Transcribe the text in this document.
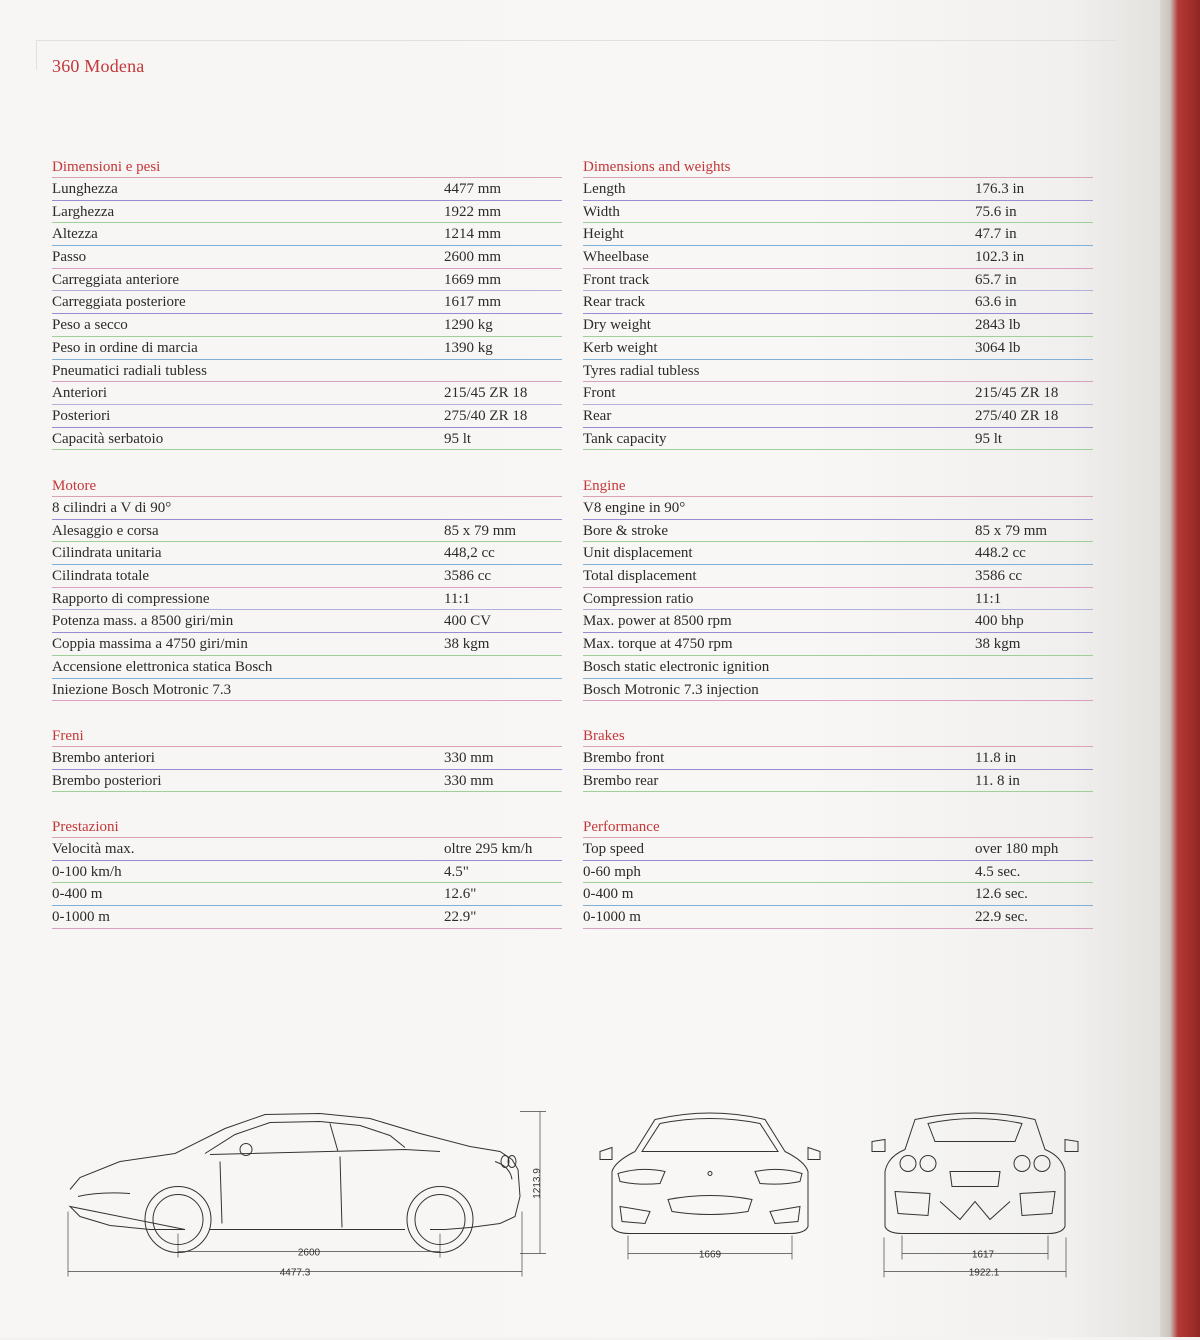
360 Modena
Dimensioni e pesi
Lunghezza	4477 mm
Larghezza	1922 mm
Altezza	1214 mm
Passo	2600 mm
Carreggiata anteriore	1669 mm
Carreggiata posteriore	1617 mm
Peso a secco	1290 kg
Peso in ordine di marcia	1390 kg
Pneumatici radiali tubless
Anteriori	215/45 ZR 18
Posteriori	275/40 ZR 18
Capacità serbatoio	95 lt
Motore
8 cilindri a V di 90°
Alesaggio e corsa	85 x 79 mm
Cilindrata unitaria	448,2 cc
Cilindrata totale	3586 cc
Rapporto di compressione	11:1
Potenza mass. a 8500 giri/min	400 CV
Coppia massima a 4750 giri/min	38 kgm
Accensione elettronica statica Bosch
Iniezione Bosch Motronic 7.3
Freni
Brembo anteriori	330 mm
Brembo posteriori	330 mm
Prestazioni
Velocità max.	oltre 295 km/h
0-100 km/h	4.5"
0-400 m	12.6"
0-1000 m	22.9"
Dimensions and weights
Length	176.3 in
Width	75.6 in
Height	47.7 in
Wheelbase	102.3 in
Front track	65.7 in
Rear track	63.6 in
Dry weight	2843 lb
Kerb weight	3064 lb
Tyres radial tubless
Front	215/45 ZR 18
Rear	275/40 ZR 18
Tank capacity	95 lt
Engine
V8 engine in 90°
Bore & stroke	85 x 79 mm
Unit displacement	448.2 cc
Total displacement	3586 cc
Compression ratio	11:1
Max. power at 8500 rpm	400 bhp
Max. torque at 4750 rpm	38 kgm
Bosch static electronic ignition
Bosch Motronic 7.3 injection
Brakes
Brembo front	11.8 in
Brembo rear	11. 8 in
Performance
Top speed	over 180 mph
0-60 mph	4.5 sec.
0-400 m	12.6 sec.
0-1000 m	22.9 sec.
2600
4477.3
1213.9
1669	1617
1922.1
